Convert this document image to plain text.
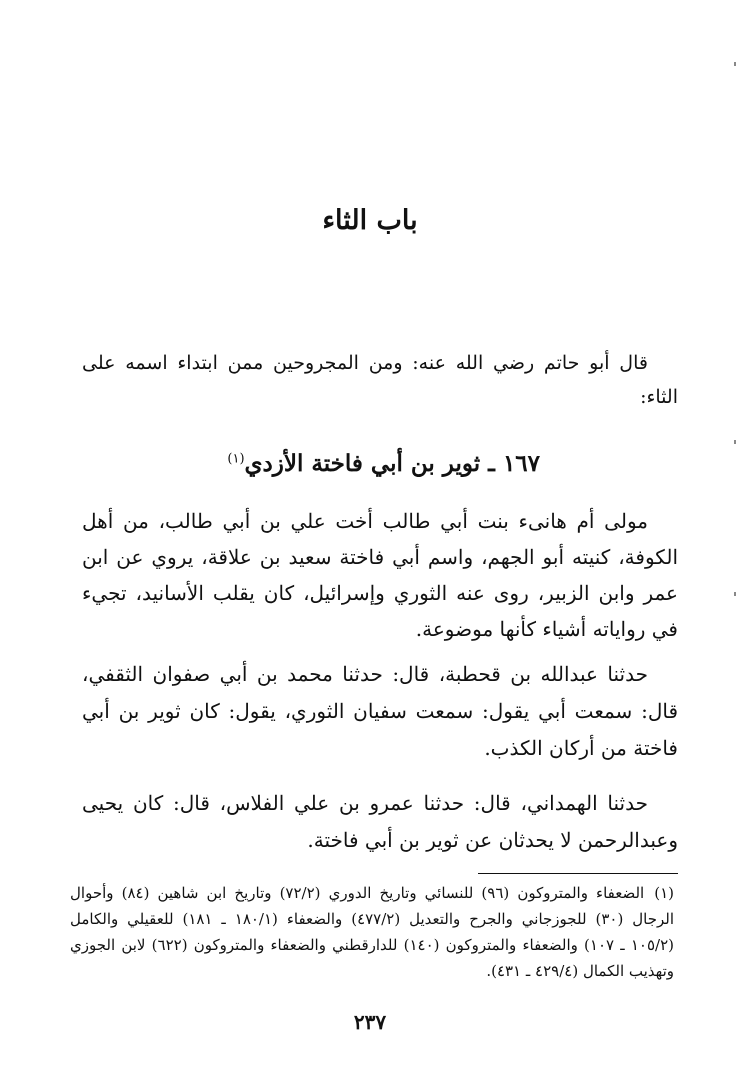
باب الثاء

قال أبو حاتم رضي الله عنه: ومن المجروحين ممن ابتداء اسمه على الثاء:

١٦٧ ـ ثوير بن أبي فاختة الأزدي$^{(١)}$

مولى أم هانىء بنت أبي طالب أخت علي بن أبي طالب، من أهل الكوفة، كنيته أبو الجهم، واسم أبي فاختة سعيد بن علاقة، يروي عن ابن عمر وابن الزبير، روى عنه الثوري وإسرائيل، كان يقلب الأسانيد، تجيء في رواياته أشياء كأنها موضوعة.

حدثنا عبدالله بن قحطبة، قال: حدثنا محمد بن أبي صفوان الثقفي، قال: سمعت أبي يقول: سمعت سفيان الثوري، يقول: كان ثوير بن أبي فاختة من أركان الكذب.

حدثنا الهمداني، قال: حدثنا عمرو بن علي الفلاس، قال: كان يحيى وعبدالرحمن لا يحدثان عن ثوير بن أبي فاختة.

(١)الضعفاء والمتروكون (٩٦) للنسائي وتاريخ الدوري (٧٢/٢) وتاريخ ابن شاهين (٨٤) وأحوال الرجال (٣٠) للجوزجاني والجرح والتعديل (٤٧٧/٢) والضعفاء (١٨٠/١ ـ ١٨١) للعقيلي والكامل (١٠٥/٢ ـ ١٠٧) والضعفاء والمتروكون (١٤٠) للدارقطني والضعفاء والمتروكون (٦٢٢) لابن الجوزي وتهذيب الكمال (٤٢٩/٤ ـ ٤٣١).

٢٣٧
